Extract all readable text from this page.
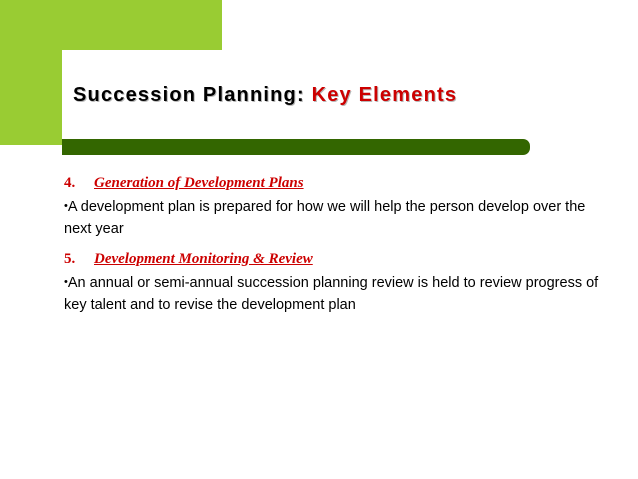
Succession Planning: Key Elements
4. Generation of Development Plans

•A development plan is prepared for how we will help the person develop over the next year

5. Development Monitoring & Review

•An annual or semi-annual succession planning review is held to review progress of key talent and to revise the development plan
